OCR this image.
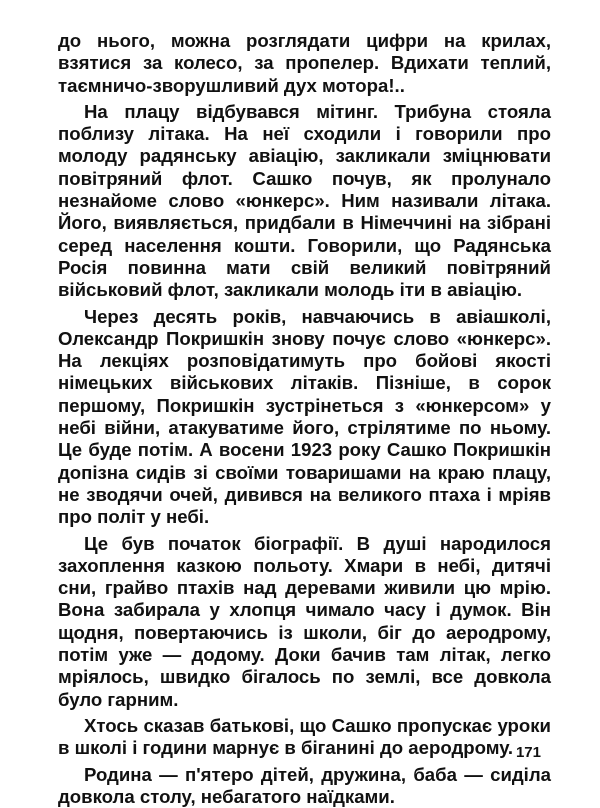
до нього, можна розглядати цифри на крилах, взятися за колесо, за пропелер. Вдихати теплий, таємничо-зворушливий дух мотора!..

На плацу відбувався мітинг. Трибуна стояла поблизу літака. На неї сходили і говорили про молоду радянську авіацію, закликали зміцнювати повітряний флот. Сашко почув, як пролунало незнайоме слово «юнкерс». Ним називали літака. Його, виявляється, придбали в Німеччині на зібрані серед населення кошти. Говорили, що Радянська Росія повинна мати свій великий повітряний військовий флот, закликали молодь іти в авіацію.

Через десять років, навчаючись в авіашколі, Олександр Покришкін знову почує слово «юнкерс». На лекціях розповідатимуть про бойові якості німецьких військових літаків. Пізніше, в сорок першому, Покришкін зустрінеться з «юнкерсом» у небі війни, атакуватиме його, стрілятиме по ньому. Це буде потім. А восени 1923 року Сашко Покришкін допізна сидів зі своїми товаришами на краю плацу, не зводячи очей, дивився на великого птаха і мріяв про політ у небі.

Це був початок біографії. В душі народилося захоплення казкою польоту. Хмари в небі, дитячі сни, грайво птахів над деревами живили цю мрію. Вона забирала у хлопця чимало часу і думок. Він щодня, повертаючись із школи, біг до аеродрому, потім уже — додому. Доки бачив там літак, легко мріялось, швидко бігалось по землі, все довкола було гарним.

Хтось сказав батькові, що Сашко пропускає уроки в школі і години марнує в біганині до аеродрому.

Родина — п'ятеро дітей, дружина, баба — сиділа довкола столу, небагатого наїдками.

171
